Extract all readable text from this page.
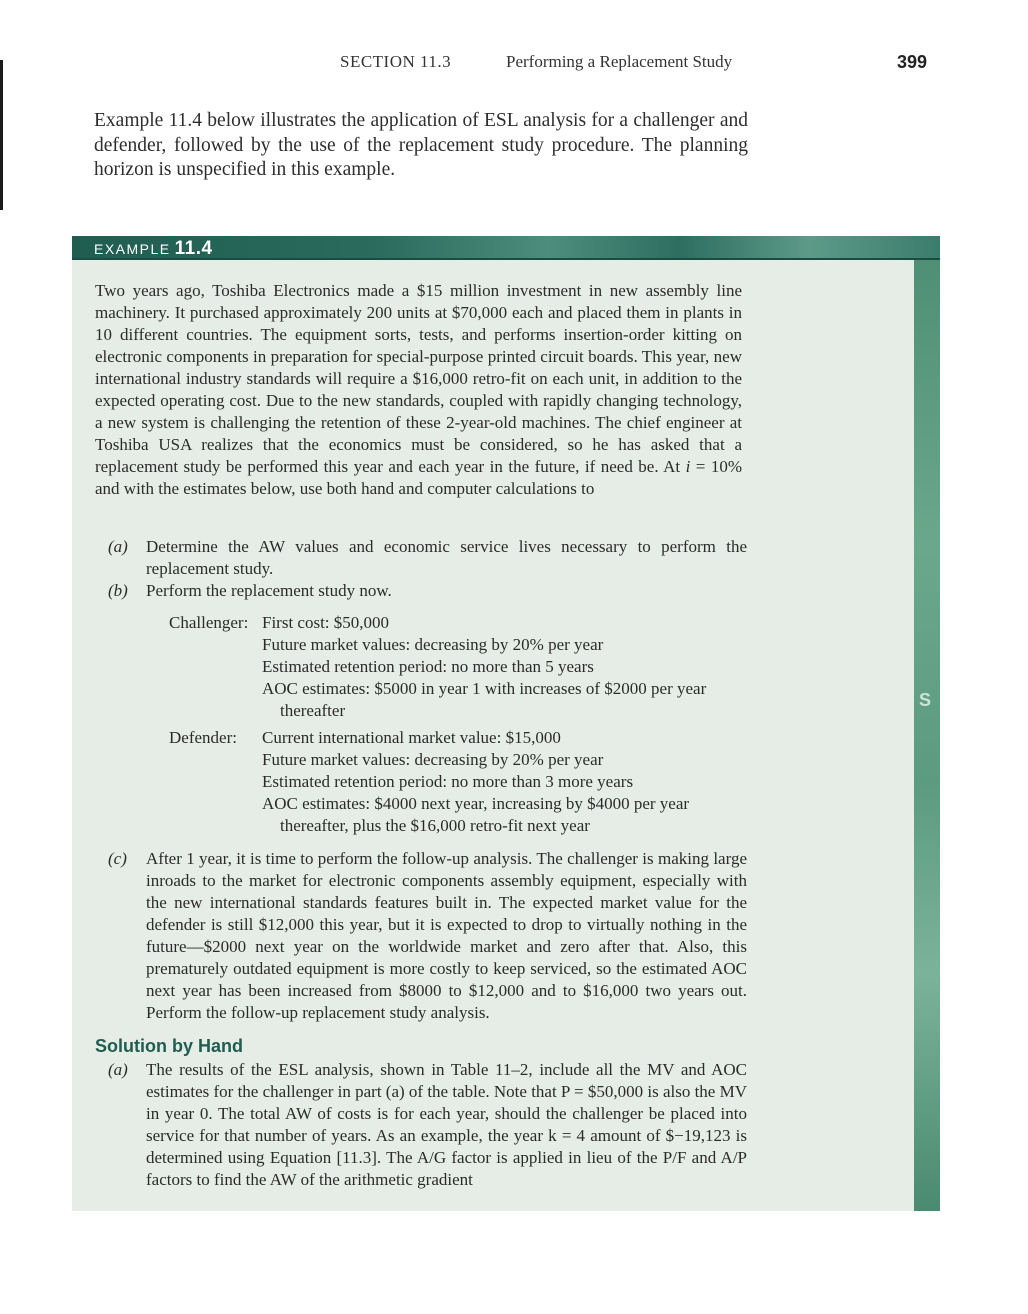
SECTION 11.3	Performing a Replacement Study	399
Example 11.4 below illustrates the application of ESL analysis for a challenger and defender, followed by the use of the replacement study procedure. The planning horizon is unspecified in this example.
S
EXAMPLE 11.4
Two years ago, Toshiba Electronics made a $15 million investment in new assembly line machinery. It purchased approximately 200 units at $70,000 each and placed them in plants in 10 different countries. The equipment sorts, tests, and performs insertion-order kitting on electronic components in preparation for special-purpose printed circuit boards. This year, new international industry standards will require a $16,000 retro-fit on each unit, in addition to the expected operating cost. Due to the new standards, coupled with rapidly changing technology, a new system is challenging the retention of these 2-year-old machines. The chief engineer at Toshiba USA realizes that the economics must be considered, so he has asked that a replacement study be performed this year and each year in the future, if need be. At i = 10% and with the estimates below, use both hand and computer calculations to
(a) Determine the AW values and economic service lives necessary to perform the replacement study.
(b) Perform the replacement study now.
Challenger: First cost: $50,000
Future market values: decreasing by 20% per year
Estimated retention period: no more than 5 years
AOC estimates: $5000 in year 1 with increases of $2000 per year
thereafter
Defender: Current international market value: $15,000
Future market values: decreasing by 20% per year
Estimated retention period: no more than 3 more years
AOC estimates: $4000 next year, increasing by $4000 per year
thereafter, plus the $16,000 retro-fit next year
(c) After 1 year, it is time to perform the follow-up analysis. The challenger is making large inroads to the market for electronic components assembly equipment, especially with the new international standards features built in. The expected market value for the defender is still $12,000 this year, but it is expected to drop to virtually nothing in the future—$2000 next year on the worldwide market and zero after that. Also, this prematurely outdated equipment is more costly to keep serviced, so the estimated AOC next year has been increased from $8000 to $12,000 and to $16,000 two years out. Perform the follow-up replacement study analysis.
Solution by Hand
(a) The results of the ESL analysis, shown in Table 11–2, include all the MV and AOC estimates for the challenger in part (a) of the table. Note that P = $50,000 is also the MV in year 0. The total AW of costs is for each year, should the challenger be placed into service for that number of years. As an example, the year k = 4 amount of $−19,123 is determined using Equation [11.3]. The A/G factor is applied in lieu of the P/F and A/P factors to find the AW of the arithmetic gradient
